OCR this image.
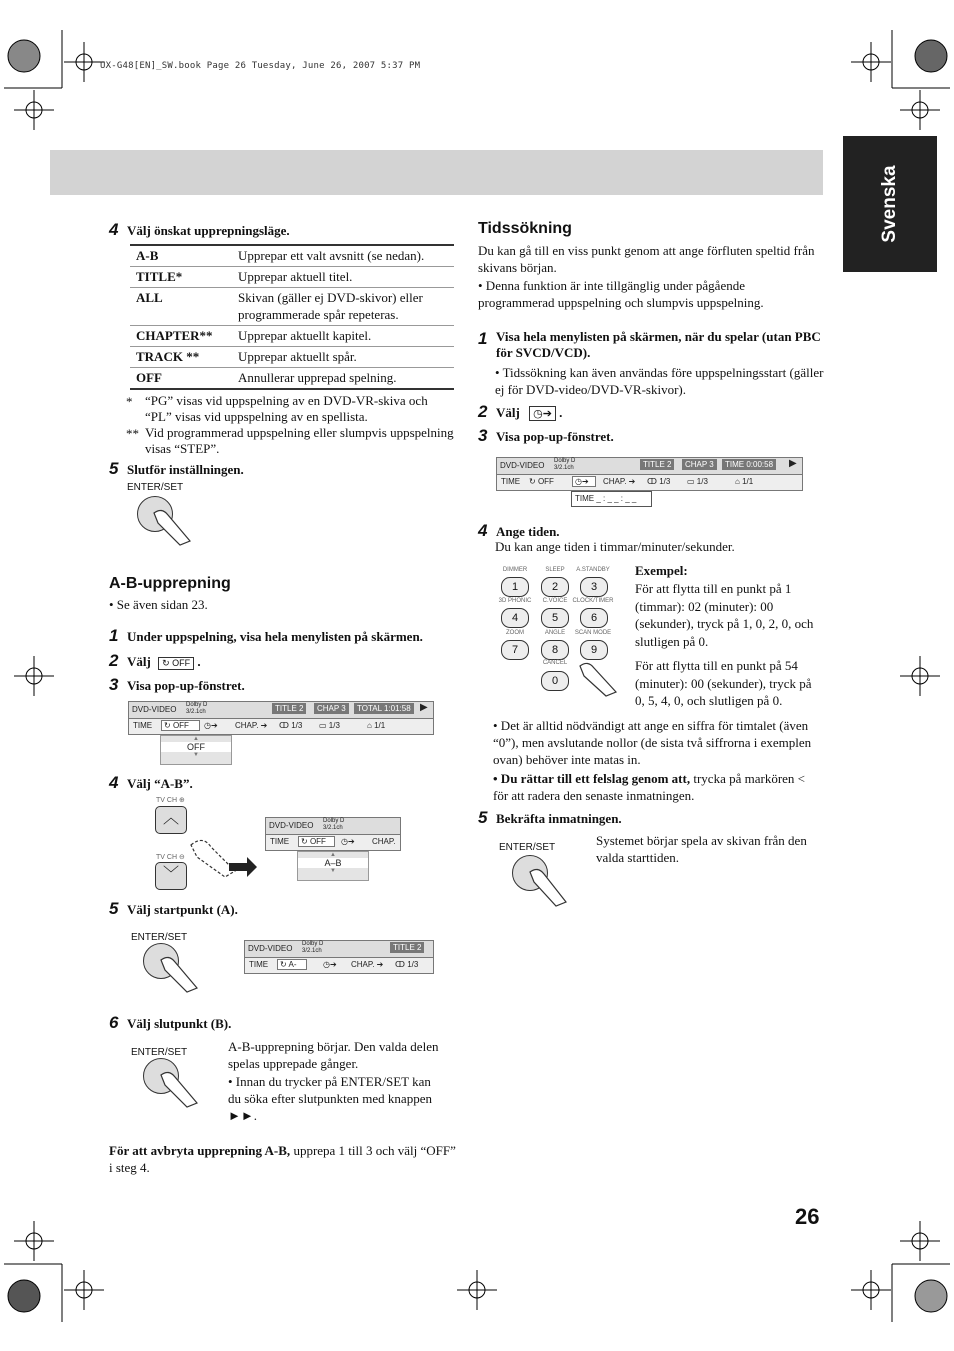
UX-G48[EN]_SW.book Page 26 Tuesday, June 26, 2007 5:37 PM
Svenska
4 Välj önskat upprepningsläge.
A-B	Upprepar ett valt avsnitt (se nedan).
TITLE*	Upprepar aktuell titel.
ALL	Skivan (gäller ej DVD-skivor) eller programmerade spår repeteras.
CHAPTER**	Upprepar aktuellt kapitel.
TRACK **	Upprepar aktuellt spår.
OFF	Annullerar upprepad spelning.
* “PG” visas vid uppspelning av en DVD-VR-skiva och “PL” visas vid uppspelning av en spellista.
** Vid programmerad uppspelning eller slumpvis uppspelning visas “STEP”.
5 Slutför inställningen.
ENTER/SET
A-B-upprepning
• Se även sidan 23.
1 Under uppspelning, visa hela menylisten på skärmen.
2 Välj ↻ OFF .
3 Visa pop-up-fönstret.
DVD-VIDEO Dolby D
3/2.1ch	TITLE 2	CHAP 3	TOTAL 1:01:58 ▶
TIME	↻ OFF	◷➔ CHAP. ➔ ↀ 1/3 ▭ 1/3	⌂ 1/1
▲
OFF
▼
4 Välj “A-B”.
TV CH ⊕
︿
TV CH ⊖
﹀
DVD-VIDEO Dolby D
3/2.1ch
TIME	↻ OFF	◷➔ CHAP.
▲
A–B
▼
5 Välj startpunkt (A).
ENTER/SET
DVD-VIDEO Dolby D
3/2.1ch	TITLE 2
TIME	↻ A-	◷➔ CHAP. ➔ ↀ 1/3
6 Välj slutpunkt (B).
ENTER/SET	A-B-upprepning börjar. Den valda delen spelas upprepade gånger.
• Innan du trycker på ENTER/SET kan du söka efter slutpunkten med knappen ►►.
För att avbryta upprepning A-B, upprepa 1 till 3 och välj “OFF” i steg 4.
Tidssökning
Du kan gå till en viss punkt genom att ange förfluten speltid från skivans början.
• Denna funktion är inte tillgänglig under pågående programmerad uppspelning och slumpvis uppspelning.
1 Visa hela menylisten på skärmen, när du spelar (utan PBC för SVCD/VCD).
• Tidssökning kan även användas före uppspelningsstart (gäller ej för DVD-video/DVD-VR-skivor).
2 Välj ◷➔ .
3 Visa pop-up-fönstret.
DVD-VIDEO Dolby D
3/2.1ch	TITLE 2	CHAP 3	TIME 0:00:58	▶
TIME ↻ OFF	◷➔	CHAP. ➔ ↀ 1/3 ▭ 1/3	⌂ 1/1
TIME _ : _ _ : _ _
4 Ange tiden.
Du kan ange tiden i timmar/minuter/sekunder.
DIMMER	SLEEP	A.STANDBY
1	2	3
3D PHONIC	C.VOICE CLOCK/TIMER
4	5	6
ZOOM	ANGLE	SCAN MODE
7	8	9
CANCEL
0
Exempel:
För att flytta till en punkt på 1 (timmar): 02 (minuter): 00 (sekunder), tryck på 1, 0, 2, 0, och slutligen på 0.
För att flytta till en punkt på 54 (minuter): 00 (sekunder), tryck på 0, 5, 4, 0, och slutligen på 0.
• Det är alltid nödvändigt att ange en siffra för timtalet (även “0”), men avslutande nollor (de sista två siffrorna i exemplen ovan) behöver inte matas in.
• Du rättar till ett felslag genom att, trycka på markören < för att radera den senaste inmatningen.
5 Bekräfta inmatningen.
ENTER/SET	Systemet börjar spela av skivan från den valda starttiden.
26
